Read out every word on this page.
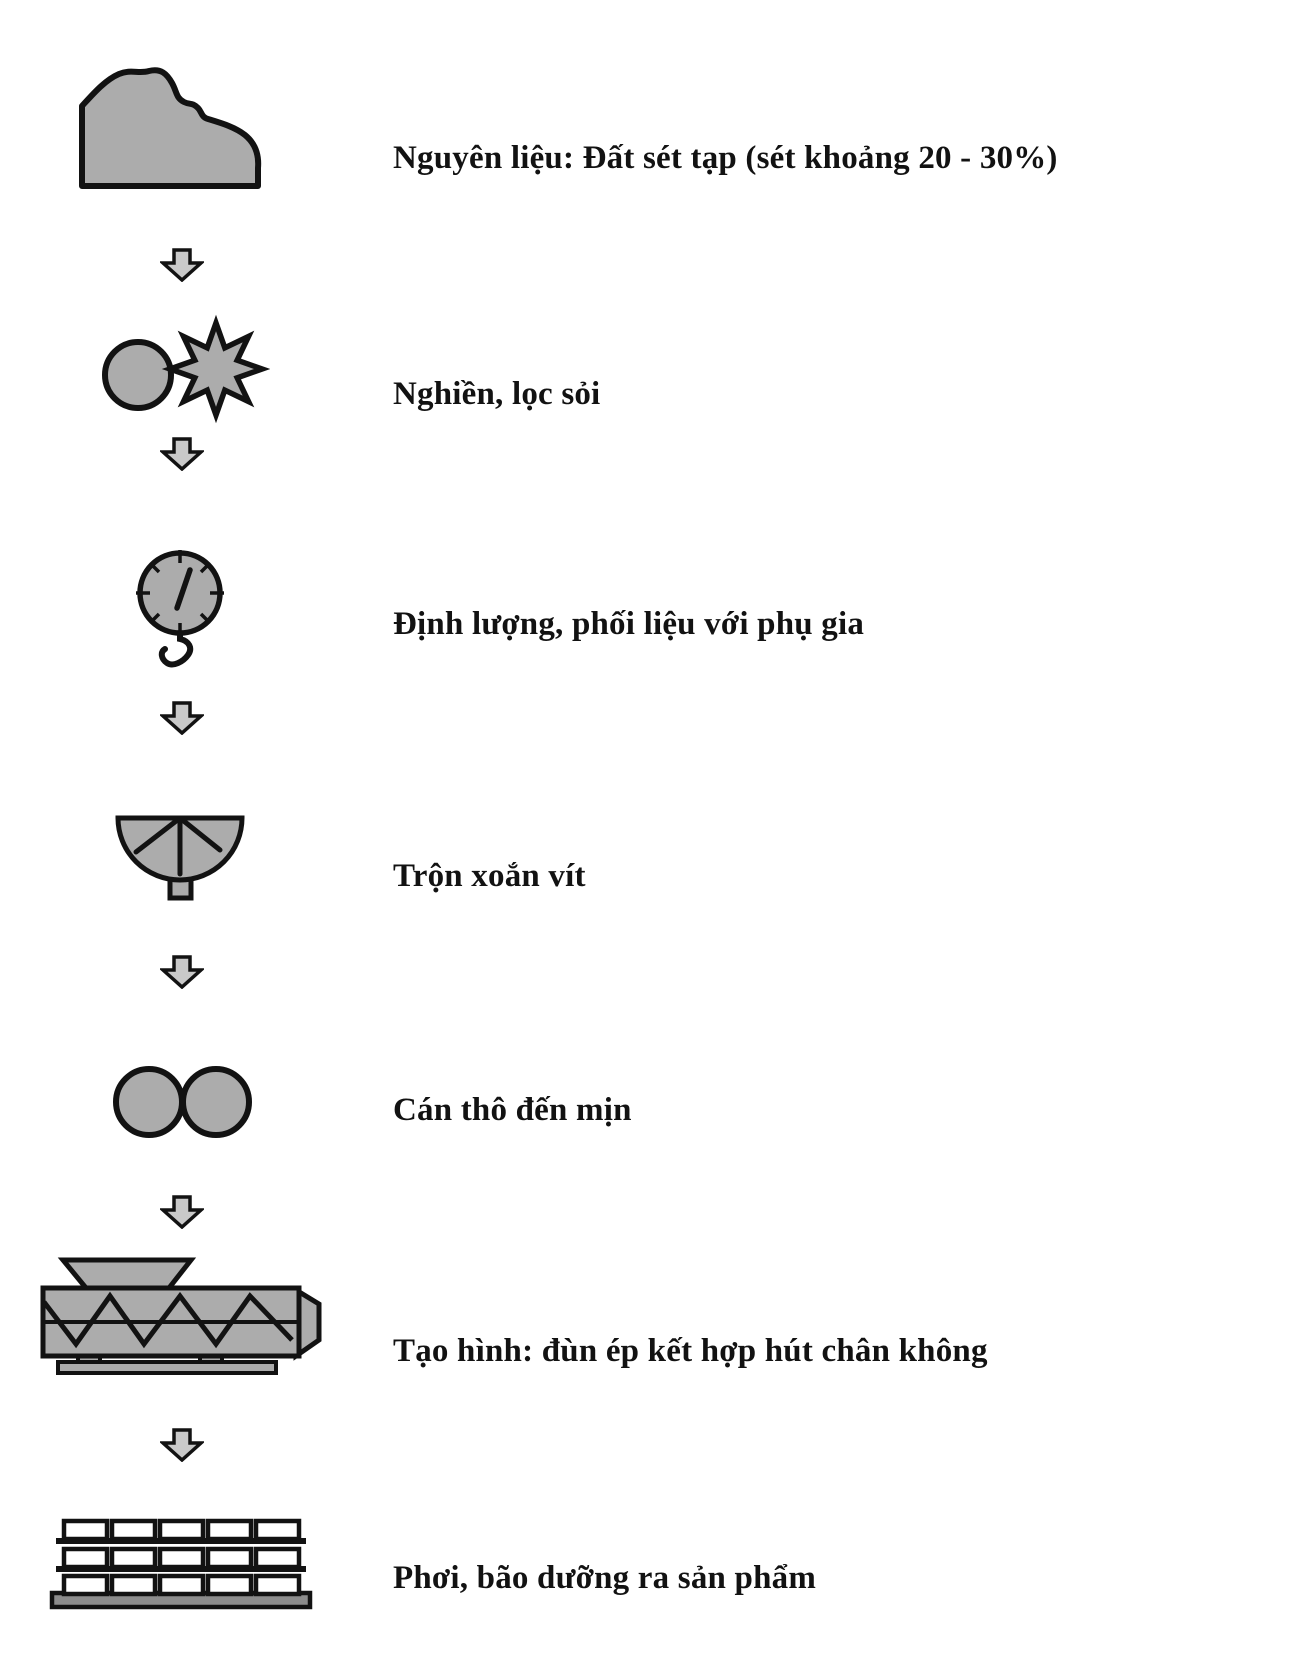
Nguyên liệu: Đất sét tạp (sét khoảng 20 - 30%)
Nghiền, lọc sỏi
Định lượng, phối liệu với phụ gia
Trộn xoắn vít
Cán thô đến mịn
Tạo hình: đùn ép kết hợp hút chân không
Phơi, bão dưỡng ra sản phẩm
